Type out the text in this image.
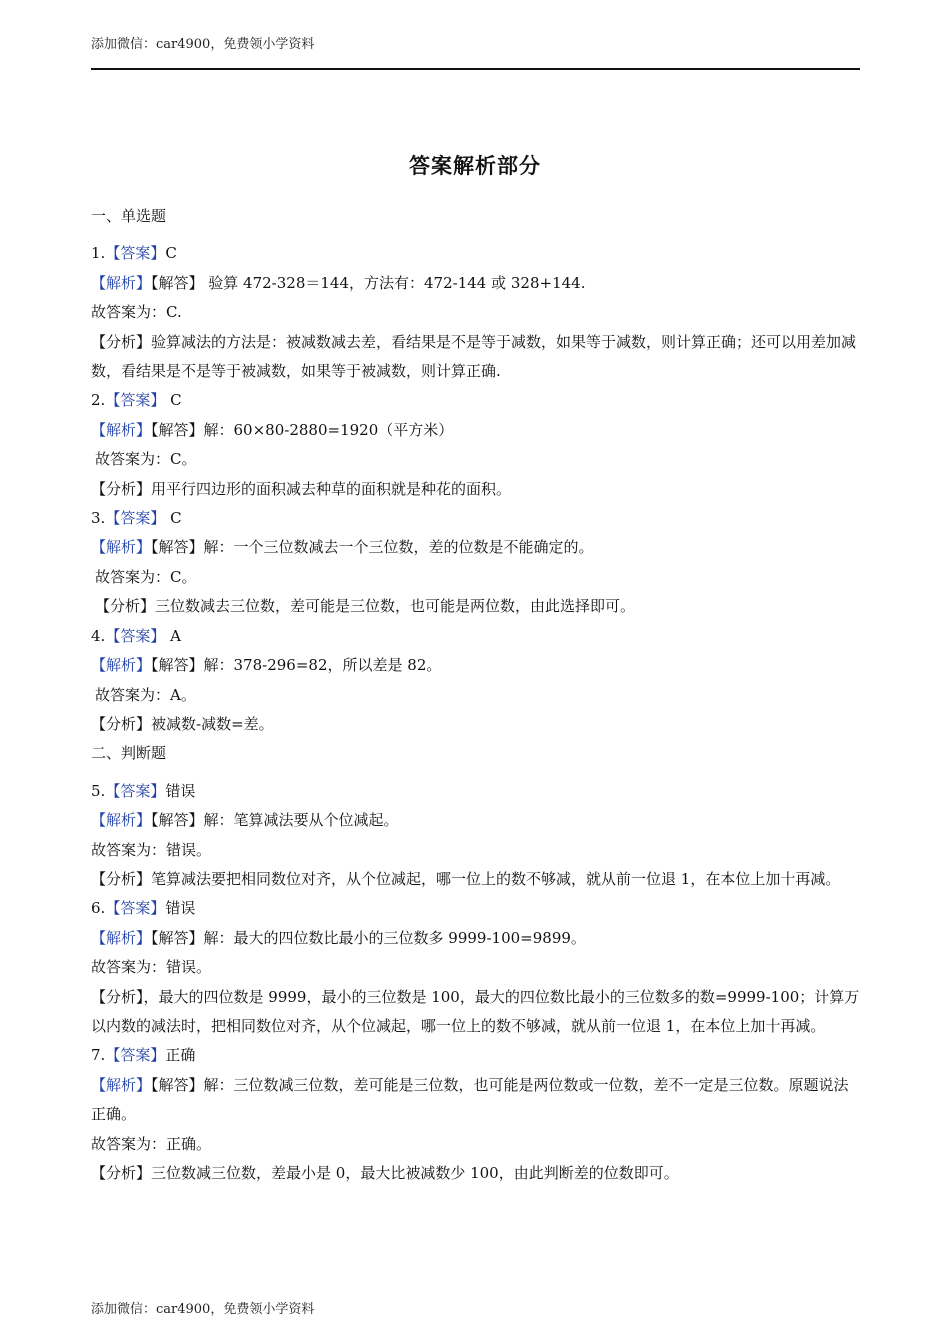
添加微信：car4900，免费领小学资料
答案解析部分
一、单选题
1.【答案】C
【解析】【解答】 验算 472-328＝144，方法有：472-144 或 328+144.
故答案为：C.
【分析】验算减法的方法是：被减数减去差，看结果是不是等于减数，如果等于减数，则计算正确；还可以用差加减数，看结果是不是等于被减数，如果等于被减数，则计算正确.
2.【答案】 C
【解析】【解答】解：60×80-2880=1920（平方米）
故答案为：C。
【分析】用平行四边形的面积减去种草的面积就是种花的面积。
3.【答案】 C
【解析】【解答】解：一个三位数减去一个三位数，差的位数是不能确定的。
故答案为：C。
【分析】三位数减去三位数，差可能是三位数，也可能是两位数，由此选择即可。
4.【答案】 A
【解析】【解答】解：378-296=82，所以差是 82。
故答案为：A。
【分析】被减数-减数=差。
二、判断题
5.【答案】错误
【解析】【解答】解：笔算减法要从个位减起。
故答案为：错误。
【分析】笔算减法要把相同数位对齐，从个位减起，哪一位上的数不够减，就从前一位退 1，在本位上加十再减。
6.【答案】错误
【解析】【解答】解：最大的四位数比最小的三位数多 9999-100=9899。
故答案为：错误。
【分析】，最大的四位数是 9999，最小的三位数是 100，最大的四位数比最小的三位数多的数=9999-100；计算万以内数的减法时，把相同数位对齐，从个位减起，哪一位上的数不够减，就从前一位退 1，在本位上加十再减。
7.【答案】正确
【解析】【解答】解：三位数减三位数，差可能是三位数，也可能是两位数或一位数，差不一定是三位数。原题说法正确。
故答案为：正确。
【分析】三位数减三位数，差最小是 0，最大比被减数少 100，由此判断差的位数即可。
添加微信：car4900，免费领小学资料
